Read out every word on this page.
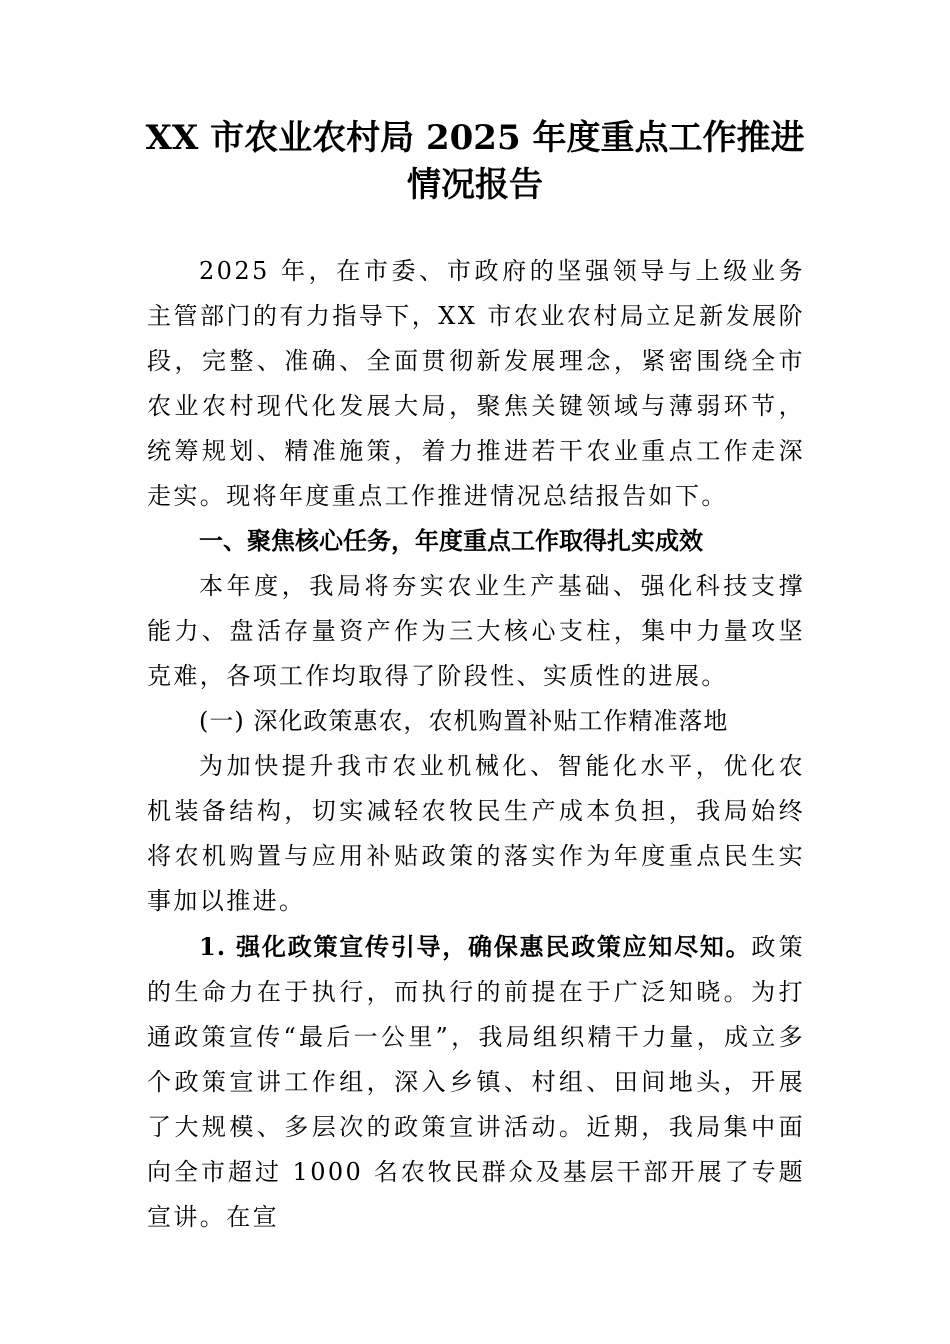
XX 市农业农村局 2025 年度重点工作推进
情况报告

2025 年，在市委、市政府的坚强领导与上级业务主管部门的有力指导下，XX 市农业农村局立足新发展阶段，完整、准确、全面贯彻新发展理念，紧密围绕全市农业农村现代化发展大局，聚焦关键领域与薄弱环节，统筹规划、精准施策，着力推进若干农业重点工作走深走实。现将年度重点工作推进情况总结报告如下。

一、聚焦核心任务，年度重点工作取得扎实成效

本年度，我局将夯实农业生产基础、强化科技支撑能力、盘活存量资产作为三大核心支柱，集中力量攻坚克难，各项工作均取得了阶段性、实质性的进展。

(一) 深化政策惠农，农机购置补贴工作精准落地

为加快提升我市农业机械化、智能化水平，优化农机装备结构，切实减轻农牧民生产成本负担，我局始终将农机购置与应用补贴政策的落实作为年度重点民生实事加以推进。

1. 强化政策宣传引导，确保惠民政策应知尽知。政策的生命力在于执行，而执行的前提在于广泛知晓。为打通政策宣传“最后一公里”，我局组织精干力量，成立多个政策宣讲工作组，深入乡镇、村组、田间地头，开展了大规模、多层次的政策宣讲活动。近期，我局集中面向全市超过 1000 名农牧民群众及基层干部开展了专题宣讲。在宣
